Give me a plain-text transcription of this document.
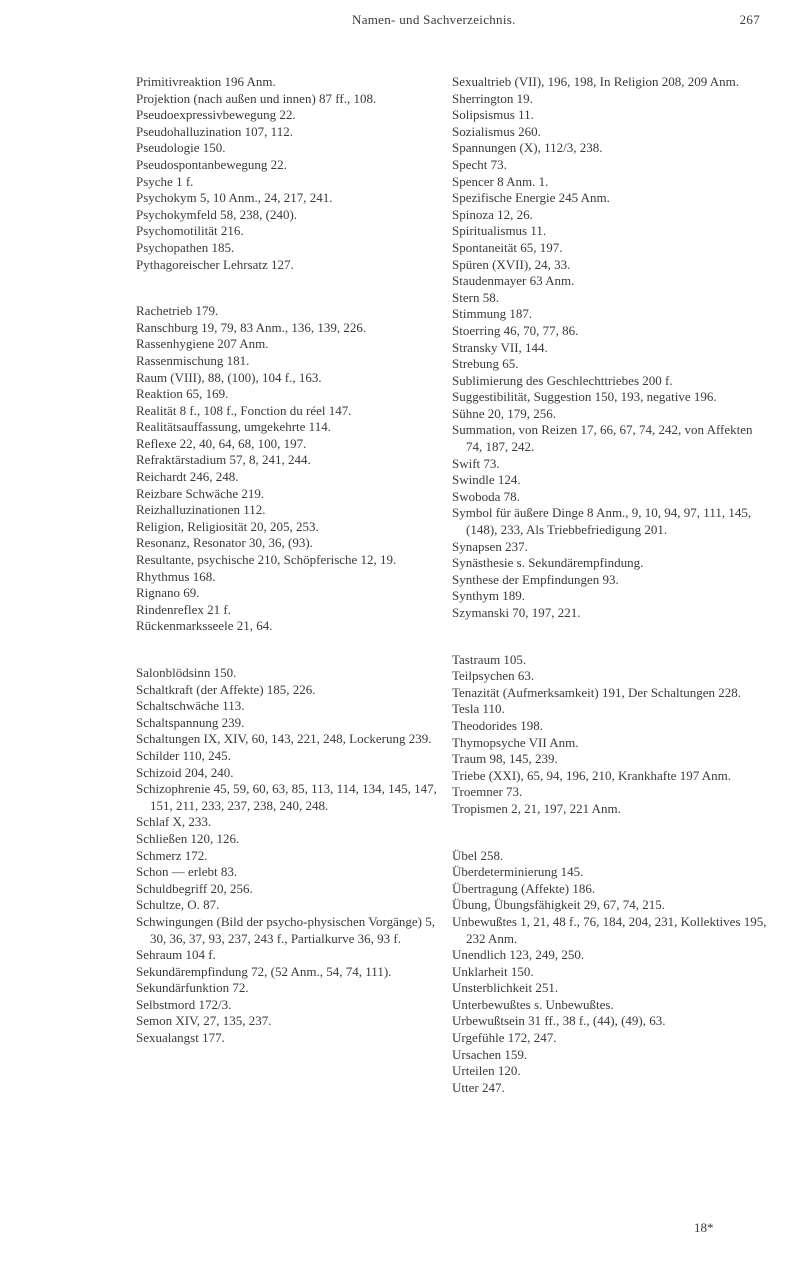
Namen- und Sachverzeichnis.	267

Primitivreaktion 196 Anm.

Projektion (nach außen und innen) 87 ff., 108.

Pseudoexpressivbewegung 22.

Pseudohalluzination 107, 112.

Pseudologie 150.

Pseudospontanbewegung 22.

Psyche 1 f.

Psychokym 5, 10 Anm., 24, 217, 241.

Psychokymfeld 58, 238, (240).

Psychomotilität 216.

Psychopathen 185.

Pythagoreischer Lehrsatz 127.

Rachetrieb 179.

Ranschburg 19, 79, 83 Anm., 136, 139, 226.

Rassenhygiene 207 Anm.

Rassenmischung 181.

Raum (VIII), 88, (100), 104 f., 163.

Reaktion 65, 169.

Realität 8 f., 108 f., Fonction du réel 147.

Realitätsauffassung, umgekehrte 114.

Reflexe 22, 40, 64, 68, 100, 197.

Refraktärstadium 57, 8, 241, 244.

Reichardt 246, 248.

Reizbare Schwäche 219.

Reizhalluzinationen 112.

Religion, Religiosität 20, 205, 253.

Resonanz, Resonator 30, 36, (93).

Resultante, psychische 210, Schöpferische 12, 19.

Rhythmus 168.

Rignano 69.

Rindenreflex 21 f.

Rückenmarksseele 21, 64.

Salonblödsinn 150.

Schaltkraft (der Affekte) 185, 226.

Schaltschwäche 113.

Schaltspannung 239.

Schaltungen IX, XIV, 60, 143, 221, 248, Lockerung 239.

Schilder 110, 245.

Schizoid 204, 240.

Schizophrenie 45, 59, 60, 63, 85, 113, 114, 134, 145, 147, 151, 211, 233, 237, 238, 240, 248.

Schlaf X, 233.

Schließen 120, 126.

Schmerz 172.

Schon — erlebt 83.

Schuldbegriff 20, 256.

Schultze, O. 87.

Schwingungen (Bild der psycho-physischen Vorgänge) 5, 30, 36, 37, 93, 237, 243 f., Partialkurve 36, 93 f.

Sehraum 104 f.

Sekundärempfindung 72, (52 Anm., 54, 74, 111).

Sekundärfunktion 72.

Selbstmord 172/3.

Semon XIV, 27, 135, 237.

Sexualangst 177.

Sexualtrieb (VII), 196, 198, In Religion 208, 209 Anm.

Sherrington 19.

Solipsismus 11.

Sozialismus 260.

Spannungen (X), 112/3, 238.

Specht 73.

Spencer 8 Anm. 1.

Spezifische Energie 245 Anm.

Spinoza 12, 26.

Spiritualismus 11.

Spontaneität 65, 197.

Spüren (XVII), 24, 33.

Staudenmayer 63 Anm.

Stern 58.

Stimmung 187.

Stoerring 46, 70, 77, 86.

Stransky VII, 144.

Strebung 65.

Sublimierung des Geschlechttriebes 200 f.

Suggestibilität, Suggestion 150, 193, negative 196.

Sühne 20, 179, 256.

Summation, von Reizen 17, 66, 67, 74, 242, von Affekten 74, 187, 242.

Swift 73.

Swindle 124.

Swoboda 78.

Symbol für äußere Dinge 8 Anm., 9, 10, 94, 97, 111, 145, (148), 233, Als Triebbefriedigung 201.

Synapsen 237.

Synästhesie s. Sekundärempfindung.

Synthese der Empfindungen 93.

Synthym 189.

Szymanski 70, 197, 221.

Tastraum 105.

Teilpsychen 63.

Tenazität (Aufmerksamkeit) 191, Der Schaltungen 228.

Tesla 110.

Theodorides 198.

Thymopsyche VII Anm.

Traum 98, 145, 239.

Triebe (XXI), 65, 94, 196, 210, Krankhafte 197 Anm.

Troemner 73.

Tropismen 2, 21, 197, 221 Anm.

Übel 258.

Überdeterminierung 145.

Übertragung (Affekte) 186.

Übung, Übungsfähigkeit 29, 67, 74, 215.

Unbewußtes 1, 21, 48 f., 76, 184, 204, 231, Kollektives 195, 232 Anm.

Unendlich 123, 249, 250.

Unklarheit 150.

Unsterblichkeit 251.

Unterbewußtes s. Unbewußtes.

Urbewußtsein 31 ff., 38 f., (44), (49), 63.

Urgefühle 172, 247.

Ursachen 159.

Urteilen 120.

Utter 247.

18*
